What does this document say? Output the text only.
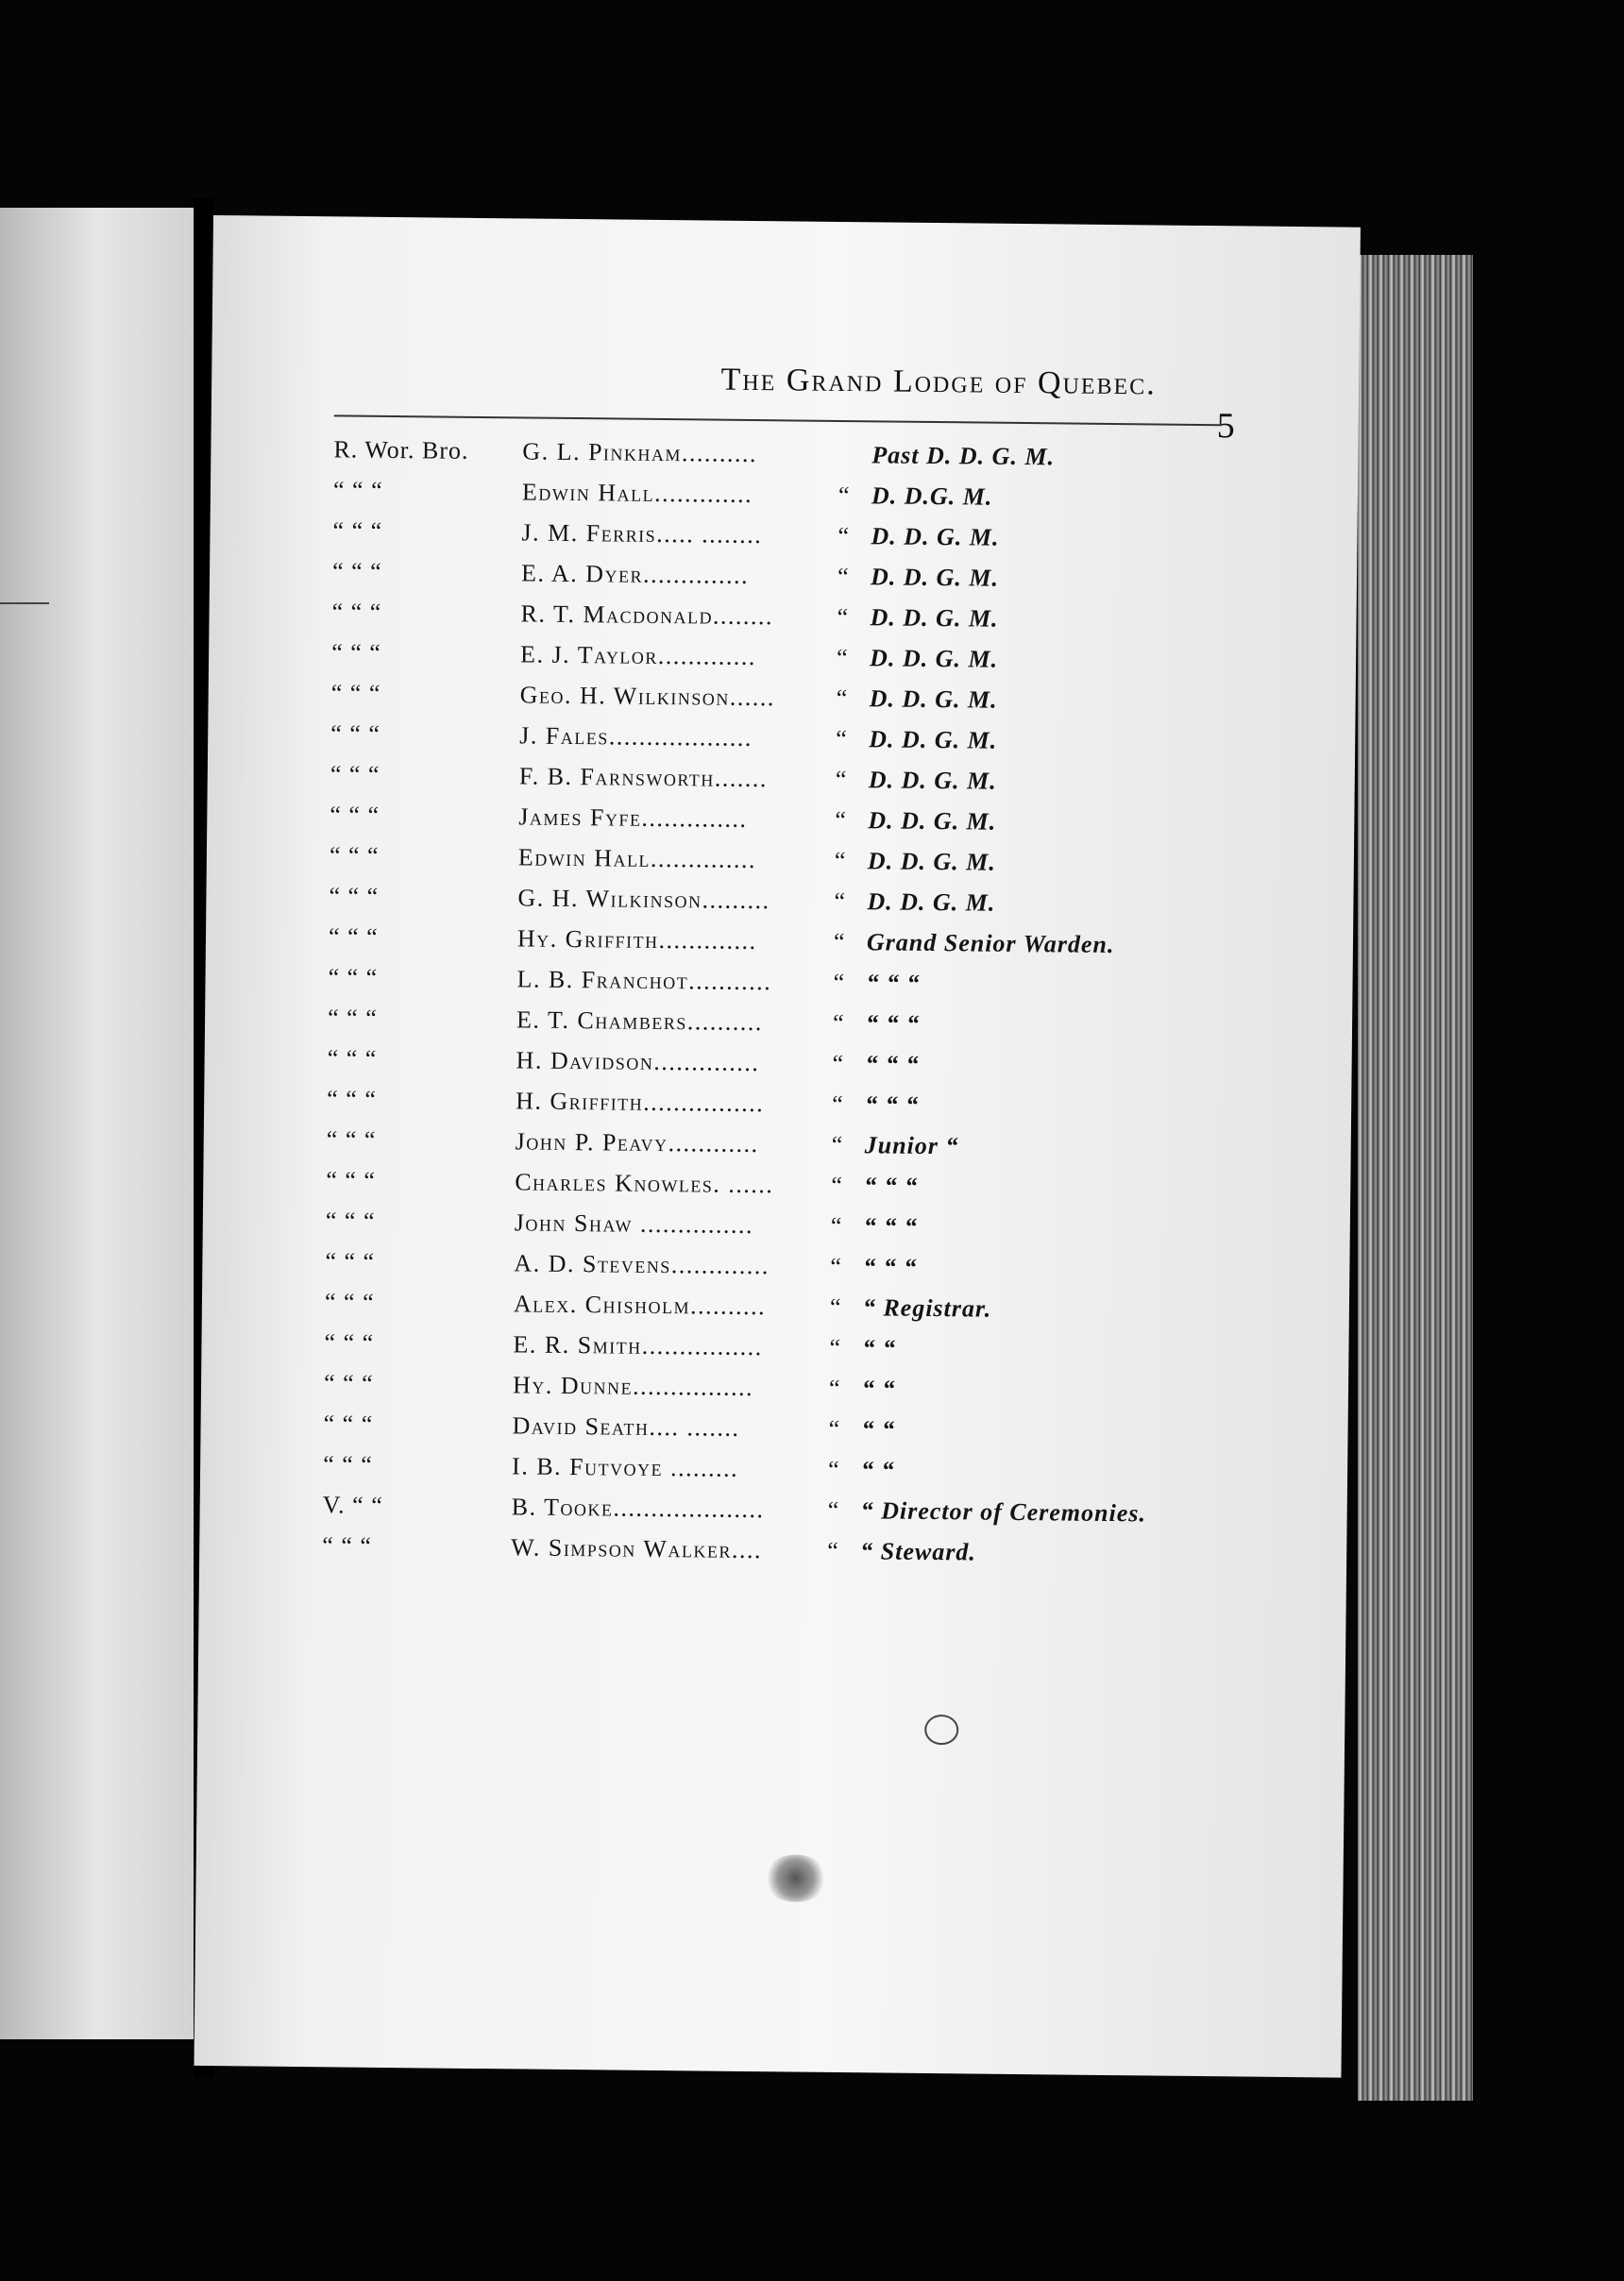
The Grand Lodge of Quebec.
5
R. Wor. Bro.	G. L. Pinkham..........	Past D. D. G. M.
“ “ “	Edwin Hall.............	“ D. D.G. M.
“ “ “	J. M. Ferris..... ........	“ D. D. G. M.
“ “ “	E. A. Dyer..............	“ D. D. G. M.
“ “ “	R. T. Macdonald........	“ D. D. G. M.
“ “ “	E. J. Taylor.............	“ D. D. G. M.
“ “ “	Geo. H. Wilkinson...... “ D. D. G. M.
“ “ “	J. Fales...................	“ D. D. G. M.
“ “ “	F. B. Farnsworth.......	“ D. D. G. M.
“ “ “	James Fyfe..............	“ D. D. G. M.
“ “ “	Edwin Hall..............	“ D. D. G. M.
“ “ “	G. H. Wilkinson.........	“ D. D. G. M.
“ “ “	Hy. Griffith.............	“ Grand Senior Warden.
“ “ “	L. B. Franchot...........	“ “ “ “
“ “ “	E. T. Chambers..........	“ “ “ “
“ “ “	H. Davidson..............	“ “ “ “
“ “ “	H. Griffith................	“ “ “ “
“ “ “	John P. Peavy............	“ Junior “
“ “ “	Charles Knowles. ...... “ “ “ “
“ “ “	John Shaw ...............	“ “ “ “
“ “ “	A. D. Stevens............. “ “ “ “
“ “ “	Alex. Chisholm..........	“ “ Registrar.
“ “ “	E. R. Smith................	“ “ “
“ “ “	Hy. Dunne................	“ “ “
“ “ “	David Seath.... .......	“ “ “
“ “ “	I. B. Futvoye .........	“ “ “
V. “ “	B. Tooke....................	“ “ Director of Ceremonies.
“ “ “	W. Simpson Walker....	“ “ Steward.
